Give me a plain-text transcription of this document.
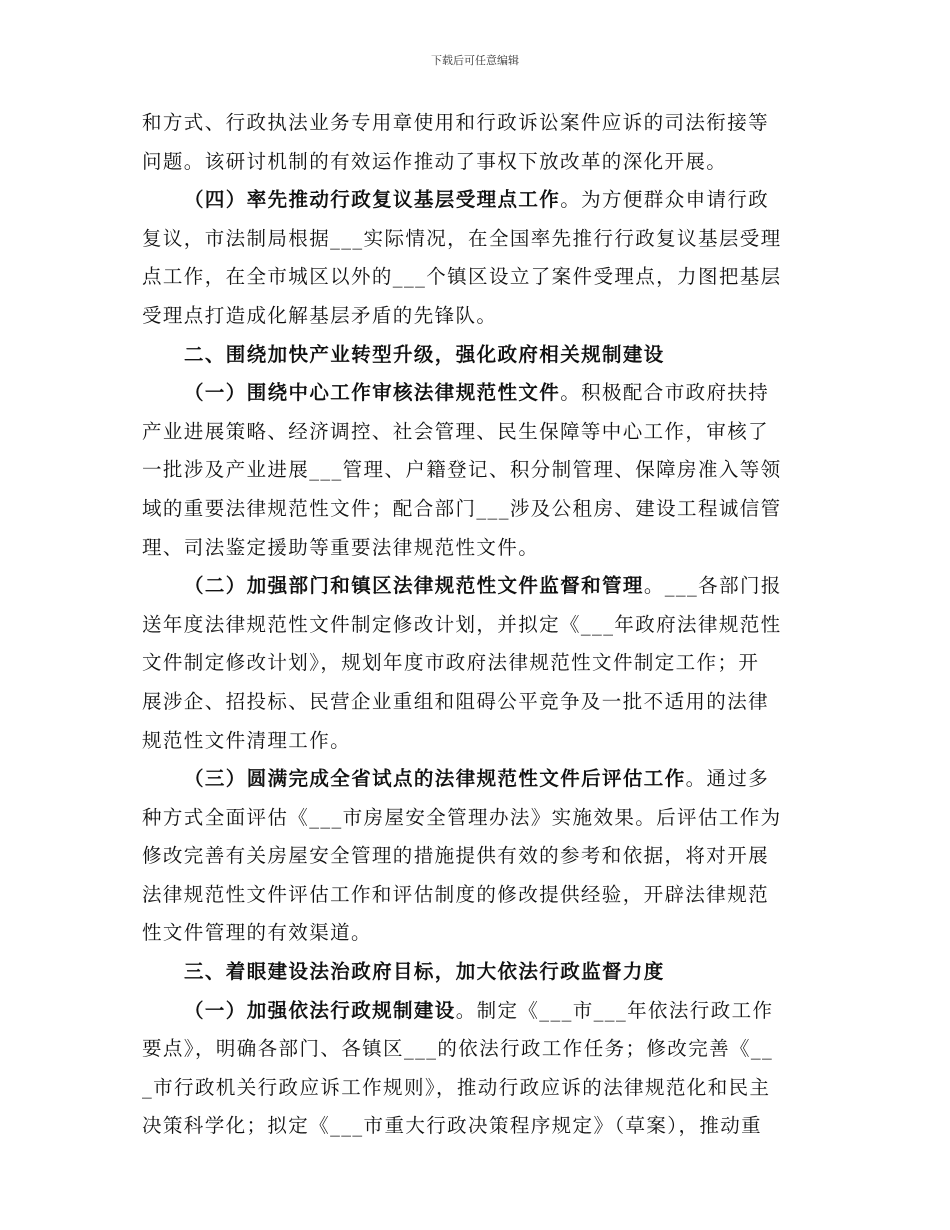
下载后可任意编辑
和方式、行政执法业务专用章使用和行政诉讼案件应诉的司法衔接等
问题。该研讨机制的有效运作推动了事权下放改革的深化开展。
（四）率先推动行政复议基层受理点工作。为方便群众申请行政
复议，市法制局根据___实际情况，在全国率先推行行政复议基层受理
点工作，在全市城区以外的___个镇区设立了案件受理点，力图把基层
受理点打造成化解基层矛盾的先锋队。
二、围绕加快产业转型升级，强化政府相关规制建设
（一）围绕中心工作审核法律规范性文件。积极配合市政府扶持
产业进展策略、经济调控、社会管理、民生保障等中心工作，审核了
一批涉及产业进展___管理、户籍登记、积分制管理、保障房准入等领
域的重要法律规范性文件；配合部门___涉及公租房、建设工程诚信管
理、司法鉴定援助等重要法律规范性文件。
（二）加强部门和镇区法律规范性文件监督和管理。___各部门报
送年度法律规范性文件制定修改计划，并拟定《___年政府法律规范性
文件制定修改计划》，规划年度市政府法律规范性文件制定工作；开
展涉企、招投标、民营企业重组和阻碍公平竞争及一批不适用的法律
规范性文件清理工作。
（三）圆满完成全省试点的法律规范性文件后评估工作。通过多
种方式全面评估《___市房屋安全管理办法》实施效果。后评估工作为
修改完善有关房屋安全管理的措施提供有效的参考和依据，将对开展
法律规范性文件评估工作和评估制度的修改提供经验，开辟法律规范
性文件管理的有效渠道。
三、着眼建设法治政府目标，加大依法行政监督力度
（一）加强依法行政规制建设。制定《___市___年依法行政工作
要点》，明确各部门、各镇区___的依法行政工作任务；修改完善《__
_市行政机关行政应诉工作规则》，推动行政应诉的法律规范化和民主
决策科学化；拟定《___市重大行政决策程序规定》（草案），推动重
